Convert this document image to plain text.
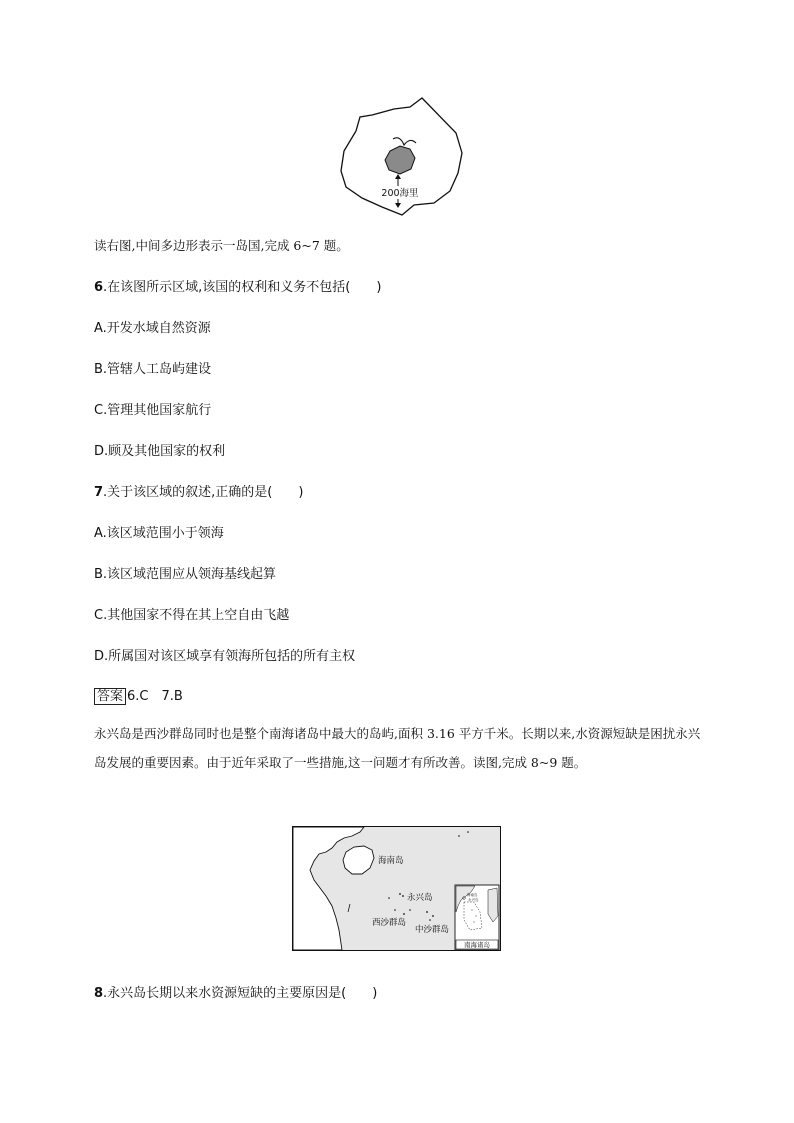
200海里
读右图,中间多边形表示一岛国,完成 6~7 题。
6.在该图所示区域,该国的权利和义务不包括(　　)
A.开发水域自然资源
B.管辖人工岛屿建设
C.管理其他国家航行
D.顾及其他国家的权利
7.关于该区域的叙述,正确的是(　　)
A.该区域范围小于领海
B.该区域范围应从领海基线起算
C.其他国家不得在其上空自由飞越
D.所属国对该区域享有领海所包括的所有主权
答案 6.C　7.B
永兴岛是西沙群岛同时也是整个南海诸岛中最大的岛屿,面积 3.16 平方千米。长期以来,水资源短缺是困扰永兴岛发展的重要因素。由于近年采取了一些措施,这一问题才有所改善。读图,完成 8~9 题。
海南岛
永兴岛
西沙群岛
中沙群岛
海南岛
永兴岛
南海诸岛
8.永兴岛长期以来水资源短缺的主要原因是(　　)
